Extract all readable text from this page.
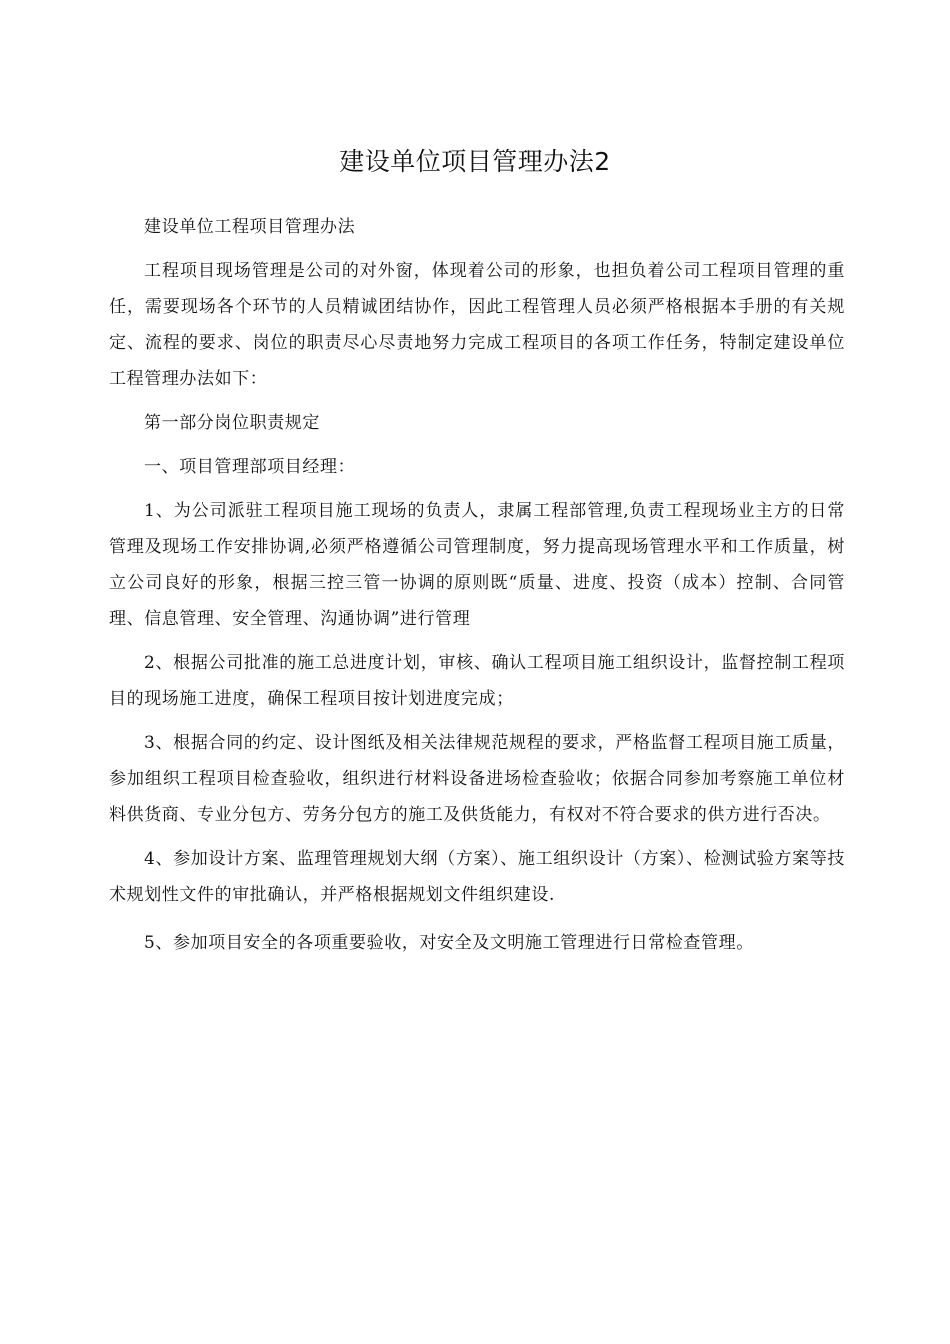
建设单位项目管理办法2

建设单位工程项目管理办法

工程项目现场管理是公司的对外窗，体现着公司的形象，也担负着公司工程项目管理的重任，需要现场各个环节的人员精诚团结协作，因此工程管理人员必须严格根据本手册的有关规定、流程的要求、岗位的职责尽心尽责地努力完成工程项目的各项工作任务，特制定建设单位工程管理办法如下：

第一部分岗位职责规定

一、项目管理部项目经理：

1、为公司派驻工程项目施工现场的负责人，隶属工程部管理,负责工程现场业主方的日常管理及现场工作安排协调,必须严格遵循公司管理制度，努力提高现场管理水平和工作质量，树立公司良好的形象，根据三控三管一协调的原则既“质量、进度、投资（成本）控制、合同管理、信息管理、安全管理、沟通协调”进行管理

2、根据公司批准的施工总进度计划，审核、确认工程项目施工组织设计，监督控制工程项目的现场施工进度，确保工程项目按计划进度完成；

3、根据合同的约定、设计图纸及相关法律规范规程的要求，严格监督工程项目施工质量，参加组织工程项目检查验收，组织进行材料设备进场检查验收；依据合同参加考察施工单位材料供货商、专业分包方、劳务分包方的施工及供货能力，有权对不符合要求的供方进行否决。

4、参加设计方案、监理管理规划大纲（方案）、施工组织设计（方案）、检测试验方案等技术规划性文件的审批确认，并严格根据规划文件组织建设.

5、参加项目安全的各项重要验收，对安全及文明施工管理进行日常检查管理。
